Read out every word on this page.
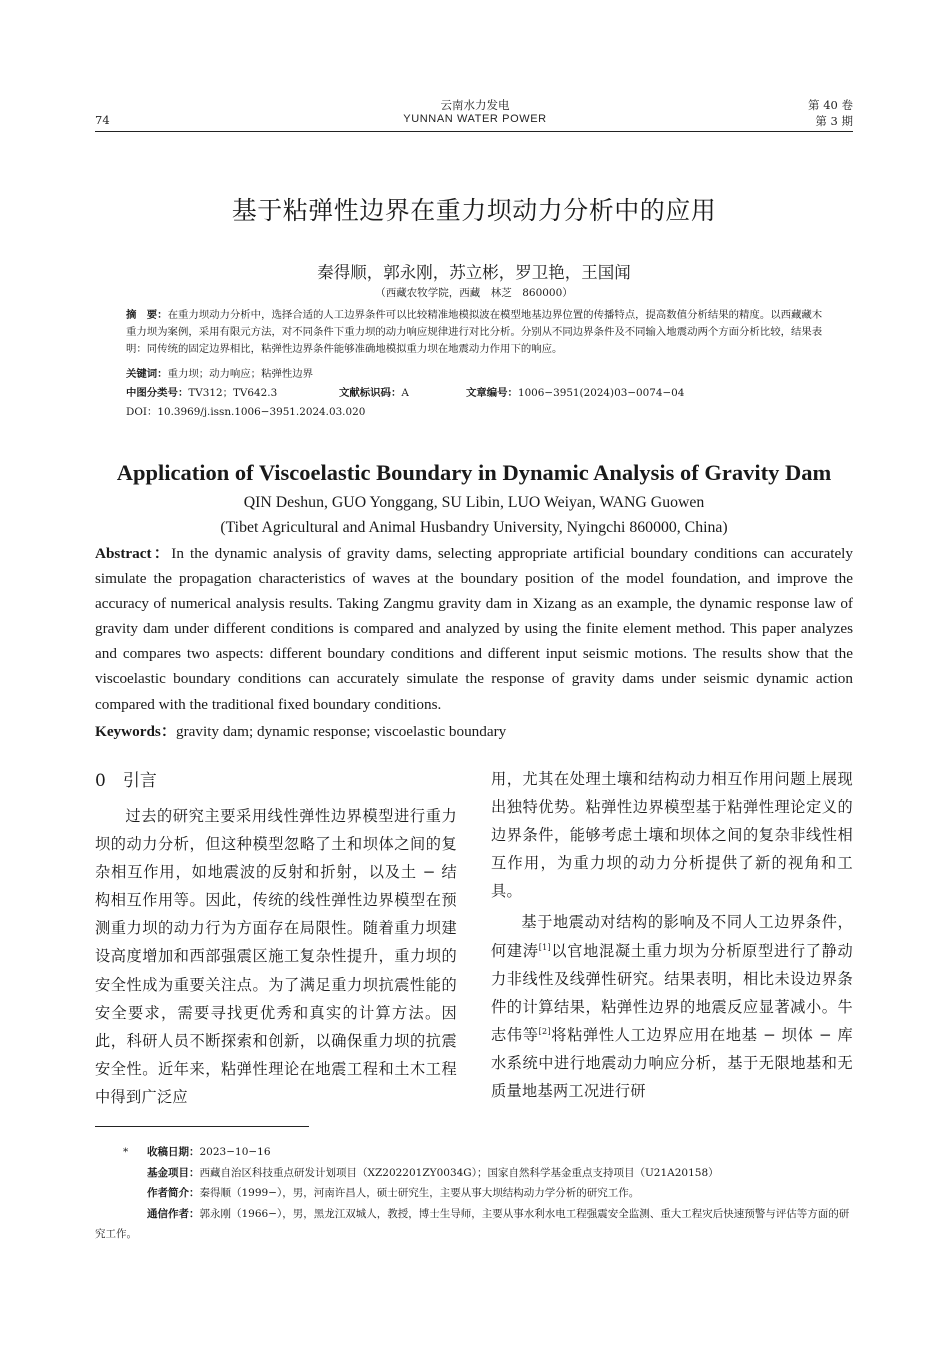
74
云南水力发电
YUNNAN WATER POWER
第 40 卷
第 3 期
基于粘弹性边界在重力坝动力分析中的应用
秦得顺，郭永刚，苏立彬，罗卫艳，王国闻
（西藏农牧学院，西藏　林芝　860000）
摘　要：在重力坝动力分析中，选择合适的人工边界条件可以比较精准地模拟波在模型地基边界位置的传播特点，提高数值分析结果的精度。以西藏藏木重力坝为案例，采用有限元方法，对不同条件下重力坝的动力响应规律进行对比分析。分别从不同边界条件及不同输入地震动两个方面分析比较，结果表明：同传统的固定边界相比，粘弹性边界条件能够准确地模拟重力坝在地震动力作用下的响应。
关键词：重力坝；动力响应；粘弹性边界
中图分类号：TV312；TV642.3	文献标识码：A	文章编号：1006−3951(2024)03−0074−04
DOI：10.3969/j.issn.1006−3951.2024.03.020
Application of Viscoelastic Boundary in Dynamic Analysis of Gravity Dam
QIN Deshun, GUO Yonggang, SU Libin, LUO Weiyan, WANG Guowen
(Tibet Agricultural and Animal Husbandry University, Nyingchi 860000, China)
Abstract：In the dynamic analysis of gravity dams, selecting appropriate artificial boundary conditions can accurately simulate the propagation characteristics of waves at the boundary position of the model foundation, and improve the accuracy of numerical analysis results. Taking Zangmu gravity dam in Xizang as an example, the dynamic response law of gravity dam under different conditions is compared and analyzed by using the finite element method. This paper analyzes and compares two aspects: different boundary conditions and different input seismic motions. The results show that the viscoelastic boundary conditions can accurately simulate the response of gravity dams under seismic dynamic action compared with the traditional fixed boundary conditions.
Keywords：gravity dam; dynamic response; viscoelastic boundary
0　引言

过去的研究主要采用线性弹性边界模型进行重力坝的动力分析，但这种模型忽略了土和坝体之间的复杂相互作用，如地震波的反射和折射，以及土 − 结构相互作用等。因此，传统的线性弹性边界模型在预测重力坝的动力行为方面存在局限性。随着重力坝建设高度增加和西部强震区施工复杂性提升，重力坝的安全性成为重要关注点。为了满足重力坝抗震性能的安全要求，需要寻找更优秀和真实的计算方法。因此，科研人员不断探索和创新，以确保重力坝的抗震安全性。近年来，粘弹性理论在地震工程和土木工程中得到广泛应

用，尤其在处理土壤和结构动力相互作用问题上展现出独特优势。粘弹性边界模型基于粘弹性理论定义的边界条件，能够考虑土壤和坝体之间的复杂非线性相互作用，为重力坝的动力分析提供了新的视角和工具。

基于地震动对结构的影响及不同人工边界条件，何建涛[1]以官地混凝土重力坝为分析原型进行了静动力非线性及线弹性研究。结果表明，相比未设边界条件的计算结果，粘弹性边界的地震反应显著减小。牛志伟等[2]将粘弹性人工边界应用在地基 − 坝体 − 库水系统中进行地震动力响应分析，基于无限地基和无质量地基两工况进行研

* 收稿日期：2023−10−16
基金项目：西藏自治区科技重点研发计划项目（XZ202201ZY0034G）；国家自然科学基金重点支持项目（U21A20158）
作者简介：秦得顺（1999−），男，河南许昌人，硕士研究生，主要从事大坝结构动力学分析的研究工作。
通信作者：郭永刚（1966−），男，黑龙江双城人，教授，博士生导师，主要从事水利水电工程强震安全监测、重大工程灾后快速预警与评估等方面的研究工作。
